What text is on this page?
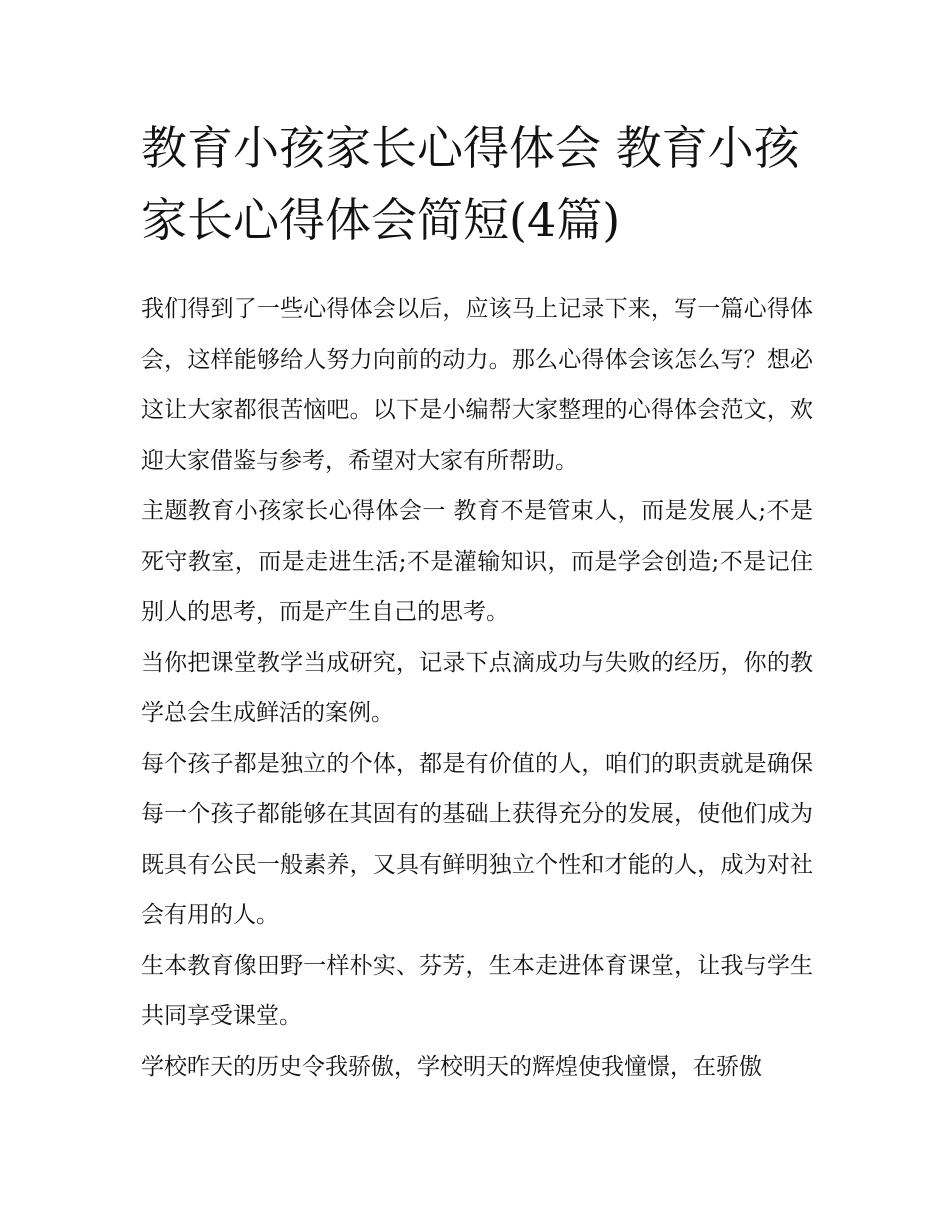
教育小孩家长心得体会 教育小孩家长心得体会简短(4篇)

我们得到了一些心得体会以后，应该马上记录下来，写一篇心得体会，这样能够给人努力向前的动力。那么心得体会该怎么写？想必这让大家都很苦恼吧。以下是小编帮大家整理的心得体会范文，欢迎大家借鉴与参考，希望对大家有所帮助。

主题教育小孩家长心得体会一 教育不是管束人，而是发展人;不是死守教室，而是走进生活;不是灌输知识，而是学会创造;不是记住别人的思考，而是产生自己的思考。

当你把课堂教学当成研究，记录下点滴成功与失败的经历，你的教学总会生成鲜活的案例。

每个孩子都是独立的个体，都是有价值的人，咱们的职责就是确保每一个孩子都能够在其固有的基础上获得充分的发展，使他们成为既具有公民一般素养，又具有鲜明独立个性和才能的人，成为对社会有用的人。

生本教育像田野一样朴实、芬芳，生本走进体育课堂，让我与学生共同享受课堂。

学校昨天的历史令我骄傲，学校明天的辉煌使我憧憬，在骄傲
